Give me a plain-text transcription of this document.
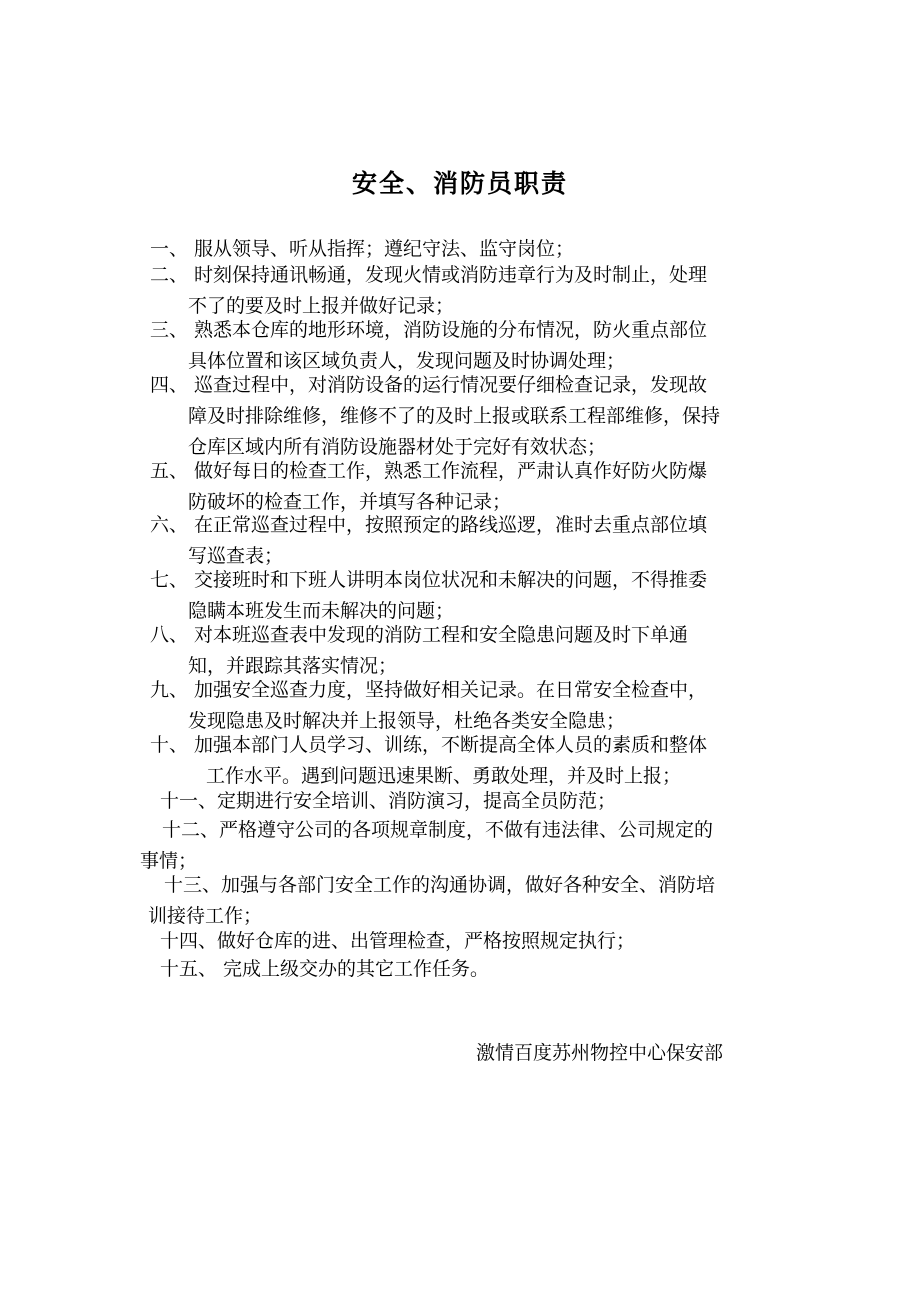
安全、消防员职责
一、 服从领导、听从指挥；遵纪守法、监守岗位；
二、 时刻保持通讯畅通，发现火情或消防违章行为及时制止，处理
不了的要及时上报并做好记录；
三、 熟悉本仓库的地形环境，消防设施的分布情况，防火重点部位
具体位置和该区域负责人，发现问题及时协调处理；
四、 巡查过程中，对消防设备的运行情况要仔细检查记录，发现故
障及时排除维修，维修不了的及时上报或联系工程部维修，保持
仓库区域内所有消防设施器材处于完好有效状态；
五、 做好每日的检查工作，熟悉工作流程，严肃认真作好防火防爆
防破坏的检查工作，并填写各种记录；
六、 在正常巡查过程中，按照预定的路线巡逻，准时去重点部位填
写巡查表；
七、 交接班时和下班人讲明本岗位状况和未解决的问题，不得推委
隐瞒本班发生而未解决的问题；
八、 对本班巡查表中发现的消防工程和安全隐患问题及时下单通
知，并跟踪其落实情况；
九、 加强安全巡查力度，坚持做好相关记录。在日常安全检查中，
发现隐患及时解决并上报领导，杜绝各类安全隐患；
十、 加强本部门人员学习、训练，不断提高全体人员的素质和整体
工作水平。遇到问题迅速果断、勇敢处理，并及时上报；
十一、定期进行安全培训、消防演习，提高全员防范；
十二、严格遵守公司的各项规章制度，不做有违法律、公司规定的
事情；
十三、加强与各部门安全工作的沟通协调，做好各种安全、消防培
训接待工作；
十四、做好仓库的进、出管理检查，严格按照规定执行；
十五、 完成上级交办的其它工作任务。
激情百度苏州物控中心保安部
